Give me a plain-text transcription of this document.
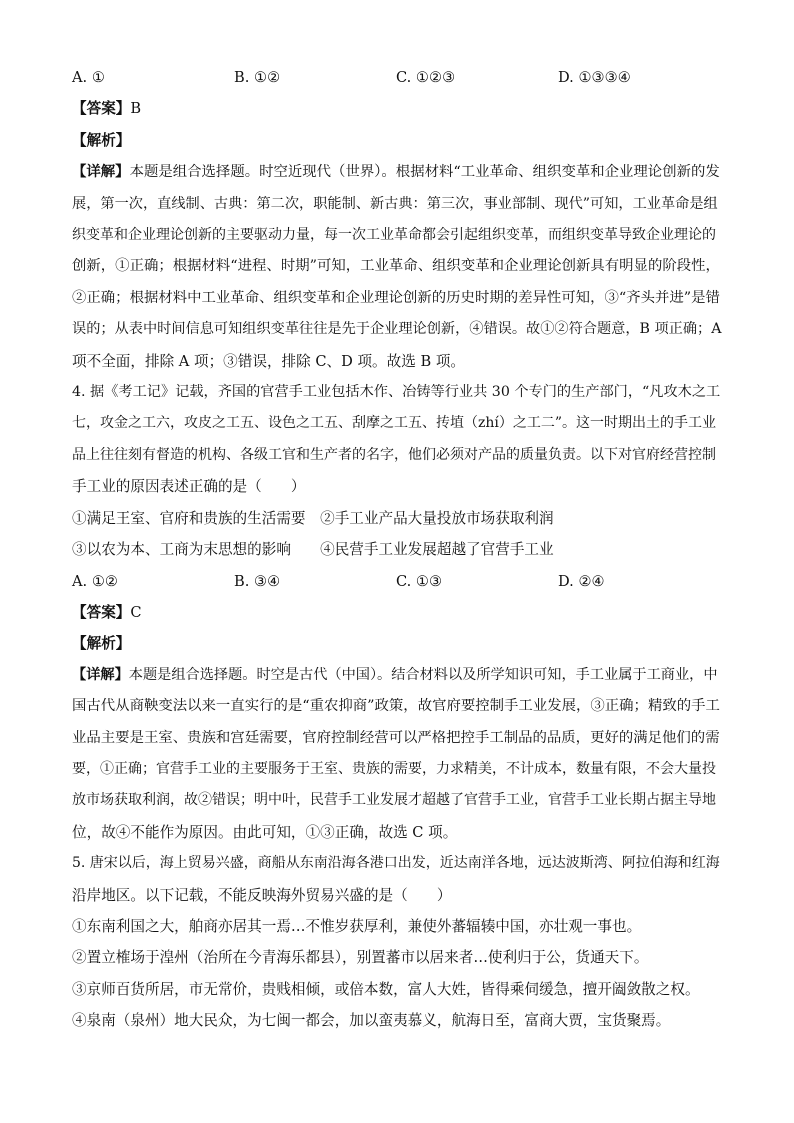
A. ①	B. ①②	C. ①②③	D. ①③③④
【答案】B
【解析】
【详解】本题是组合选择题。时空近现代（世界）。根据材料“工业革命、组织变革和企业理论创新的发
展，第一次，直线制、古典：第二次，职能制、新古典：第三次，事业部制、现代”可知，工业革命是组
织变革和企业理论创新的主要驱动力量，每一次工业革命都会引起组织变革，而组织变革导致企业理论的
创新，①正确；根据材料“进程、时期”可知，工业革命、组织变革和企业理论创新具有明显的阶段性，
②正确；根据材料中工业革命、组织变革和企业理论创新的历史时期的差异性可知，③“齐头并进”是错
误的；从表中时间信息可知组织变革往往是先于企业理论创新，④错误。故①②符合题意，B 项正确；A
项不全面，排除 A 项；③错误，排除 C、D 项。故选 B 项。
4. 据《考工记》记载，齐国的官营手工业包括木作、冶铸等行业共 30 个专门的生产部门，“凡攻木之工
七，攻金之工六，攻皮之工五、设色之工五、刮摩之工五、抟埴（zhí）之工二”。这一时期出土的手工业
品上往往刻有督造的机构、各级工官和生产者的名字，他们必须对产品的质量负责。以下对官府经营控制
手工业的原因表述正确的是（　　）
①满足王室、官府和贵族的生活需要　②手工业产品大量投放市场获取利润
③以农为本、工商为末思想的影响　　④民营手工业发展超越了官营手工业
A. ①②	B. ③④	C. ①③	D. ②④
【答案】C
【解析】
【详解】本题是组合选择题。时空是古代（中国）。结合材料以及所学知识可知，手工业属于工商业，中
国古代从商鞅变法以来一直实行的是“重农抑商”政策，故官府要控制手工业发展，③正确；精致的手工
业品主要是王室、贵族和宫廷需要，官府控制经营可以严格把控手工制品的品质，更好的满足他们的需
要，①正确；官营手工业的主要服务于王室、贵族的需要，力求精美，不计成本，数量有限，不会大量投
放市场获取利润，故②错误；明中叶，民营手工业发展才超越了官营手工业，官营手工业长期占据主导地
位，故④不能作为原因。由此可知，①③正确，故选 C 项。
5. 唐宋以后，海上贸易兴盛，商船从东南沿海各港口出发，近达南洋各地，远达波斯湾、阿拉伯海和红海
沿岸地区。以下记载，不能反映海外贸易兴盛的是（　　）
①东南利国之大，舶商亦居其一焉…不惟岁获厚利，兼使外蕃辐辏中国，亦壮观一事也。
②置立榷场于湟州（治所在今青海乐都县），别置蕃市以居来者…使利归于公，货通天下。
③京师百货所居，市无常价，贵贱相倾，或倍本数，富人大姓，皆得乘伺缓急，擅开阖敛散之权。
④泉南（泉州）地大民众，为七闽一都会，加以蛮夷慕义，航海日至，富商大贾，宝货聚焉。
